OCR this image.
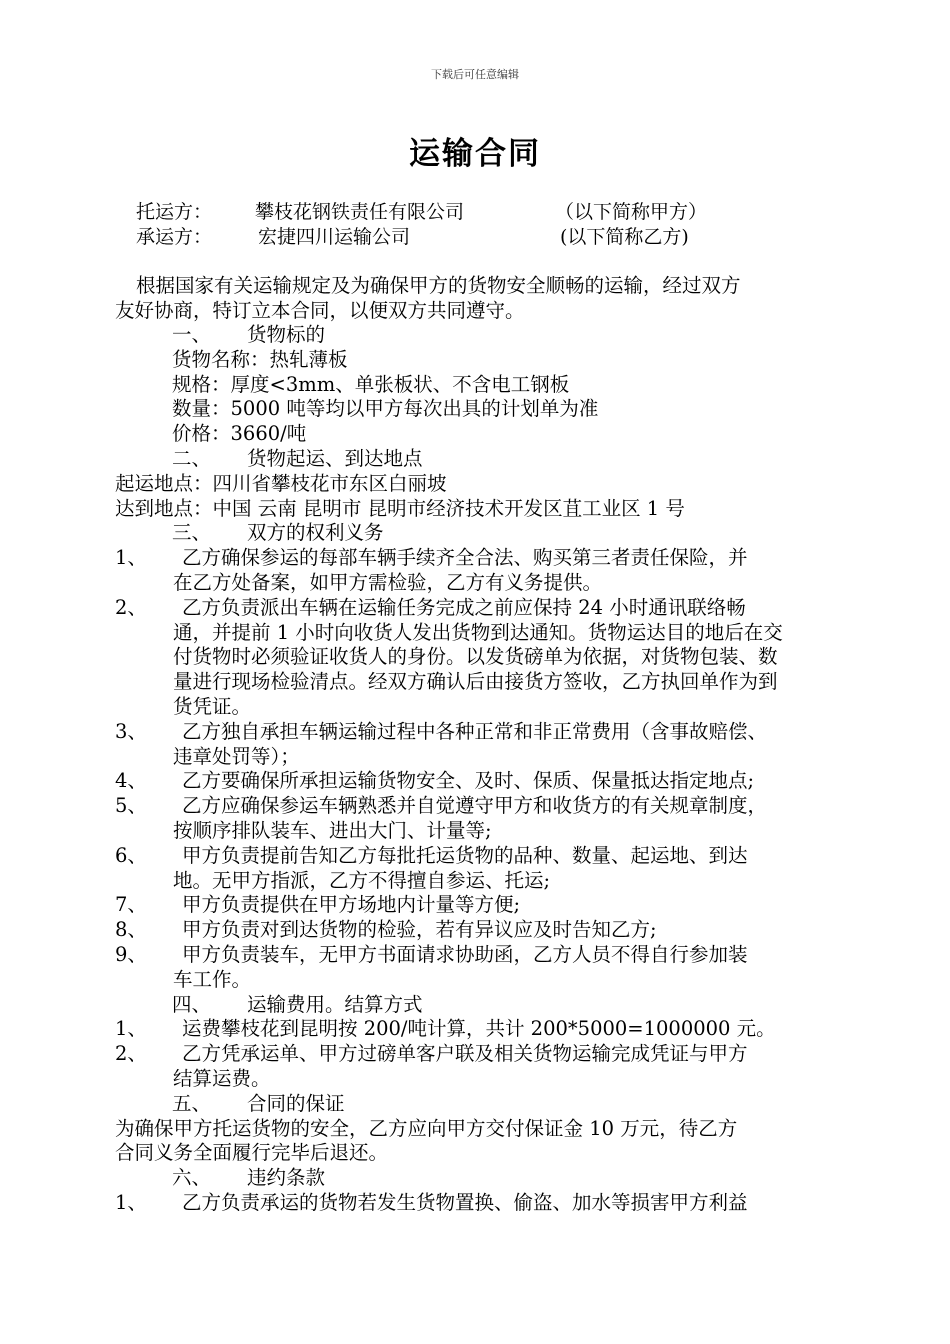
下载后可任意编辑
运输合同
托运方： 攀枝花钢铁责任有限公司	（以下简称甲方）
承运方： 宏捷四川运输公司	(以下简称乙方)
根据国家有关运输规定及为确保甲方的货物安全顺畅的运输，经过双方
友好协商，特订立本合同，以便双方共同遵守。
一、 货物标的
货物名称：热轧薄板
规格：厚度<3mm、单张板状、不含电工钢板
数量：5000 吨等均以甲方每次出具的计划单为准
价格：3660/吨
二、 货物起运、到达地点
起运地点：四川省攀枝花市东区白丽坡
达到地点：中国 云南 昆明市 昆明市经济技术开发区苴工业区 1 号
三、 双方的权利义务
1、	乙方确保参运的每部车辆手续齐全合法、购买第三者责任保险，并
在乙方处备案，如甲方需检验，乙方有义务提供。
2、	乙方负责派出车辆在运输任务完成之前应保持 24 小时通讯联络畅
通，并提前 1 小时向收货人发出货物到达通知。货物运达目的地后在交
付货物时必须验证收货人的身份。以发货磅单为依据，对货物包装、数
量进行现场检验清点。经双方确认后由接货方签收，乙方执回单作为到
货凭证。
3、	乙方独自承担车辆运输过程中各种正常和非正常费用（含事故赔偿、
违章处罚等）；
4、	乙方要确保所承担运输货物安全、及时、保质、保量抵达指定地点;
5、	乙方应确保参运车辆熟悉并自觉遵守甲方和收货方的有关规章制度，
按顺序排队装车、进出大门、计量等;
6、	甲方负责提前告知乙方每批托运货物的品种、数量、起运地、到达
地。无甲方指派，乙方不得擅自参运、托运;
7、	甲方负责提供在甲方场地内计量等方便;
8、	甲方负责对到达货物的检验，若有异议应及时告知乙方;
9、	甲方负责装车，无甲方书面请求协助函，乙方人员不得自行参加装
车工作。
四、 运输费用。结算方式
1、	运费攀枝花到昆明按 200/吨计算，共计 200*5000=1000000 元。
2、	乙方凭承运单、甲方过磅单客户联及相关货物运输完成凭证与甲方
结算运费。
五、 合同的保证
为确保甲方托运货物的安全，乙方应向甲方交付保证金 10 万元，待乙方
合同义务全面履行完毕后退还。
六、 违约条款
1、	乙方负责承运的货物若发生货物置换、偷盗、加水等损害甲方利益
